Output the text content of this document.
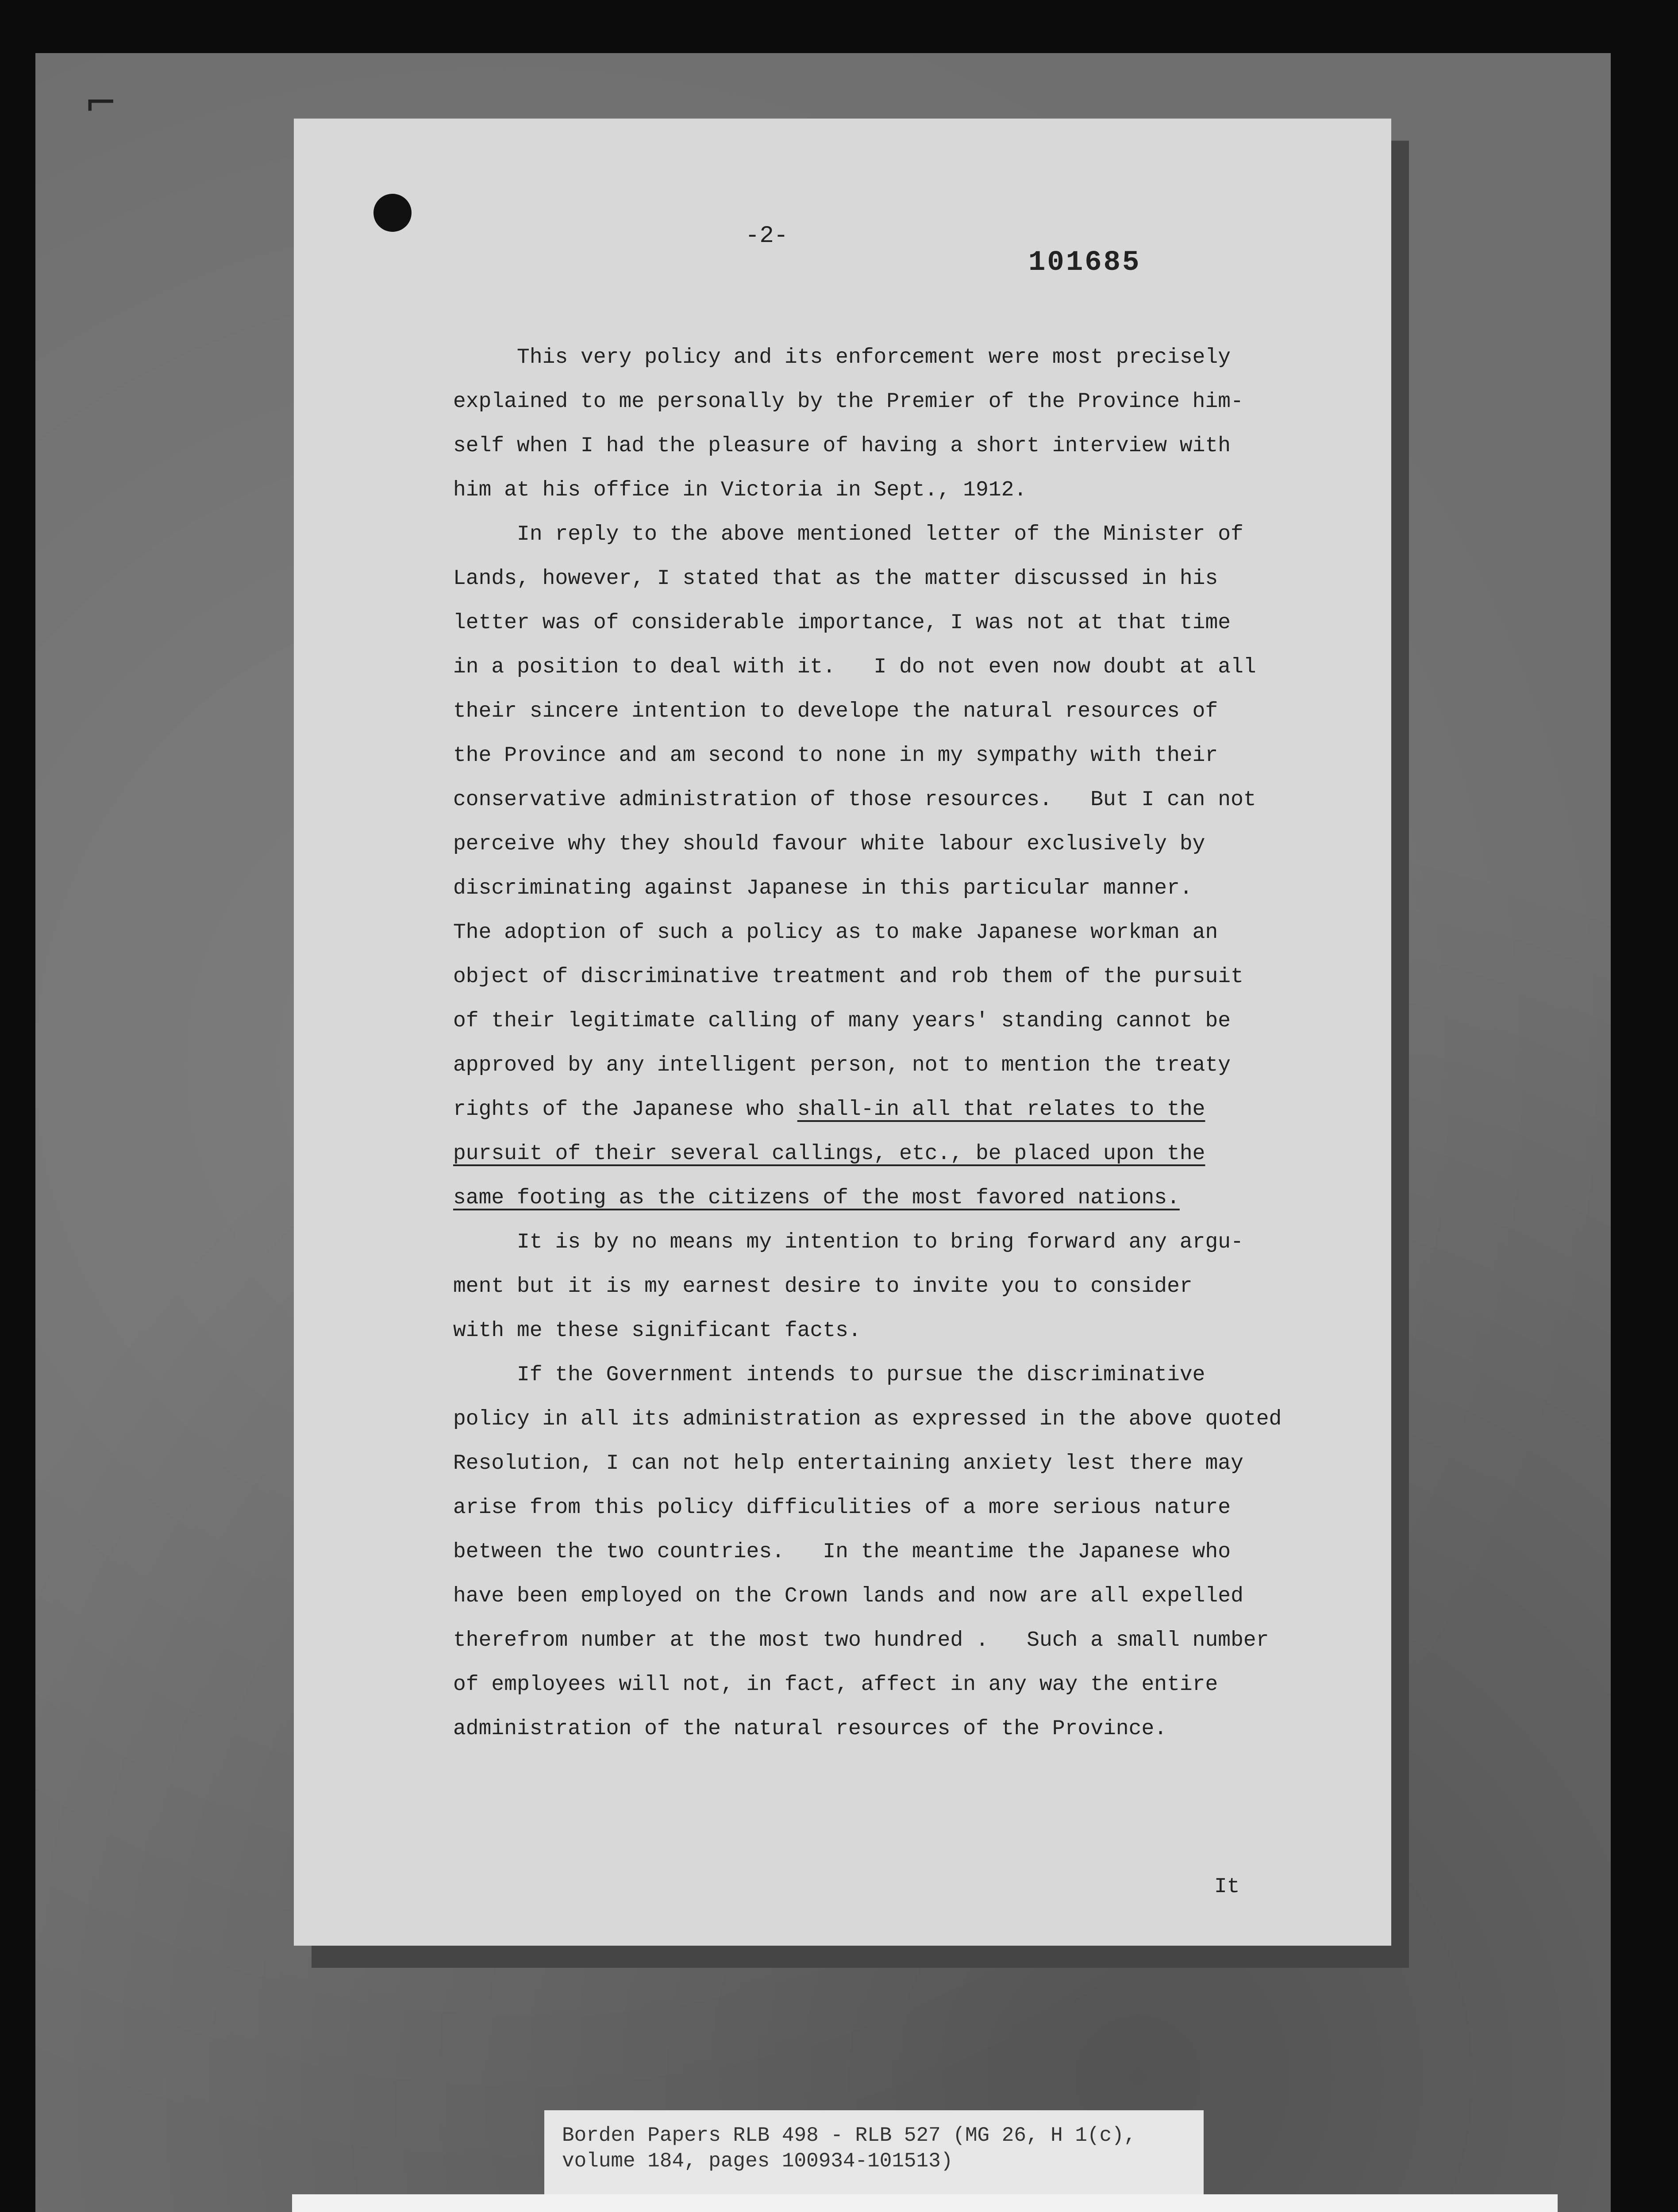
⌐
-2-
101685
This very policy and its enforcement were most precisely
explained to me personally by the Premier of the Province him-
self when I had the pleasure of having a short interview with
him at his office in Victoria in Sept., 1912.
In reply to the above mentioned letter of the Minister of
Lands, however, I stated that as the matter discussed in his
letter was of considerable importance, I was not at that time
in a position to deal with it.   I do not even now doubt at all
their sincere intention to develope the natural resources of
the Province and am second to none in my sympathy with their
conservative administration of those resources.   But I can not
perceive why they should favour white labour exclusively by
discriminating against Japanese in this particular manner.
The adoption of such a policy as to make Japanese workman an
object of discriminative treatment and rob them of the pursuit
of their legitimate calling of many years' standing cannot be
approved by any intelligent person, not to mention the treaty
rights of the Japanese who shall-in all that relates to the
pursuit of their several callings, etc., be placed upon the
same footing as the citizens of the most favored nations.
It is by no means my intention to bring forward any argu-
ment but it is my earnest desire to invite you to consider
with me these significant facts.
If the Government intends to pursue the discriminative
policy in all its administration as expressed in the above quoted
Resolution, I can not help entertaining anxiety lest there may
arise from this policy difficulities of a more serious nature
between the two countries.   In the meantime the Japanese who
have been employed on the Crown lands and now are all expelled
therefrom number at the most two hundred .   Such a small number
of employees will not, in fact, affect in any way the entire
administration of the natural resources of the Province.
It
Borden Papers RLB 498 - RLB 527 (MG 26, H 1(c),
volume 184, pages 100934-101513)
